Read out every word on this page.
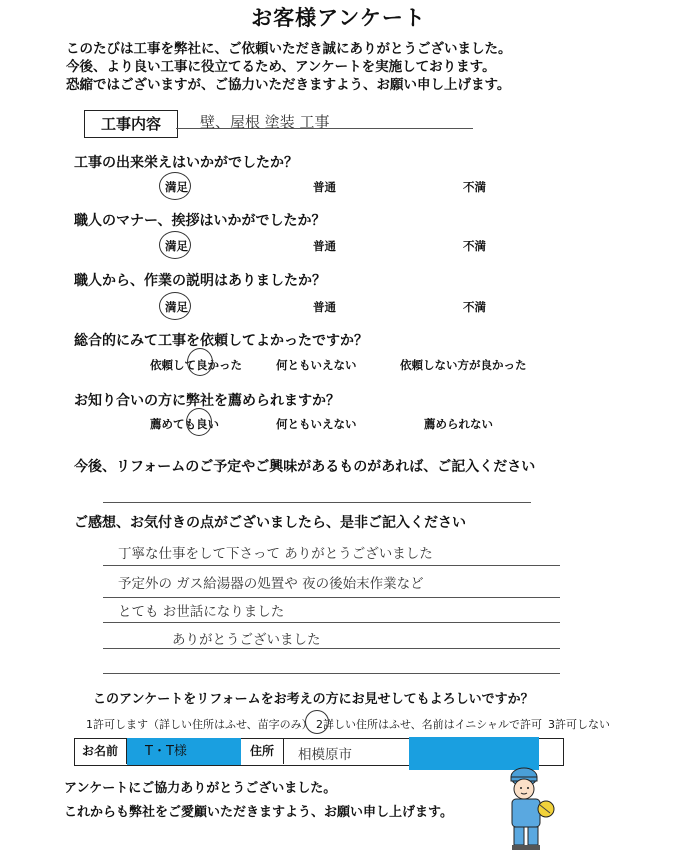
お客様アンケート
このたびは工事を弊社に、ご依頼いただき誠にありがとうございました。
今後、より良い工事に役立てるため、アンケートを実施しております。
恐縮ではございますが、ご協力いただきますよう、お願い申し上げます。
工事内容	壁、屋根 塗装 工事
工事の出来栄えはいかがでしたか？
満足	普通	不満
職人のマナー、挨拶はいかがでしたか？
満足	普通	不満
職人から、作業の説明はありましたか？
満足	普通	不満
総合的にみて工事を依頼してよかったですか？
依頼して良かった	何ともいえない	依頼しない方が良かった
お知り合いの方に弊社を薦められますか？
薦めても良い	何ともいえない	薦められない
今後、リフォームのご予定やご興味があるものがあれば、ご記入ください
ご感想、お気付きの点がございましたら、是非ご記入ください
丁寧な仕事をして下さって ありがとうございました
予定外の ガス給湯器の処置や 夜の後始末作業など
とても お世話になりました
ありがとうございました
このアンケートをリフォームをお考えの方にお見せしてもよろしいですか？
1許可します（詳しい住所はふせ、苗字のみ） 2詳しい住所はふせ、名前はイニシャルで許可 3許可しない
お名前	T・T様	住所	相模原市
アンケートにご協力ありがとうございました。
これからも弊社をご愛顧いただきますよう、お願い申し上げます。
